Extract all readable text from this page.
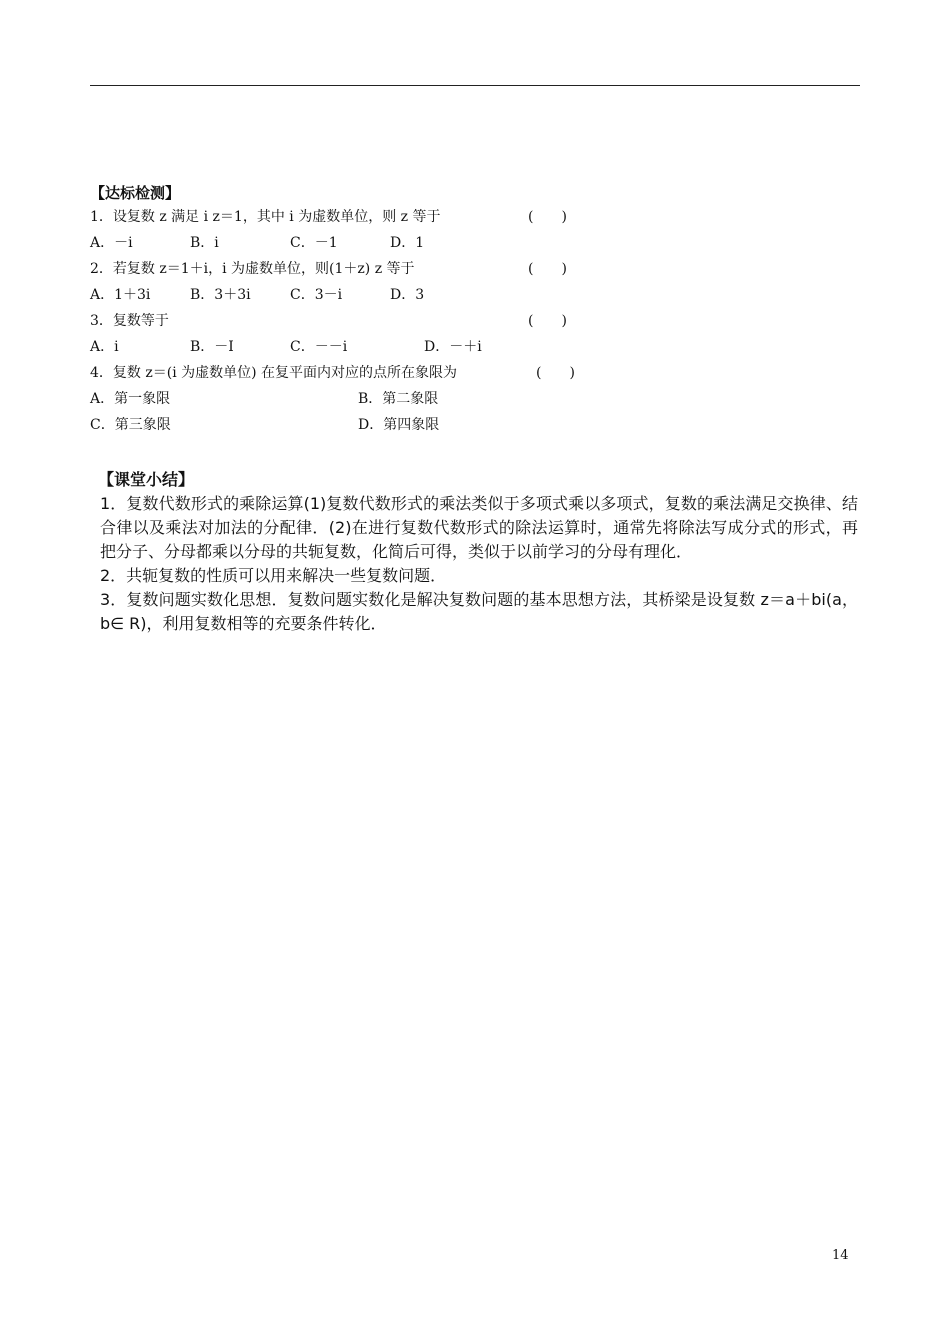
【达标检测】
1．设复数 z 满足 i z＝1，其中 i 为虚数单位，则 z 等于	(　　)
A．－i	B．i	C．－1	D．1
2．若复数 z＝1＋i，i 为虚数单位，则(1＋z) z 等于	(　　)
A．1＋3i	B．3＋3i	C．3－i	D．3
3．复数等于	(　　)
A．i	B．－I	C．－－i	D．－＋i
4．复数 z＝(i 为虚数单位) 在复平面内对应的点所在象限为	(　　)
A．第一象限	B．第二象限
C．第三象限	D．第四象限
【课堂小结】

1．复数代数形式的乘除运算(1)复数代数形式的乘法类似于多项式乘以多项式，复数的乘法满足交换律、结合律以及乘法对加法的分配律．(2)在进行复数代数形式的除法运算时，通常先将除法写成分式的形式，再把分子、分母都乘以分母的共轭复数，化简后可得，类似于以前学习的分母有理化．

2．共轭复数的性质可以用来解决一些复数问题．

3．复数问题实数化思想．复数问题实数化是解决复数问题的基本思想方法，其桥梁是设复数 z＝a＋bi(a，b∈ R)，利用复数相等的充要条件转化．

14
